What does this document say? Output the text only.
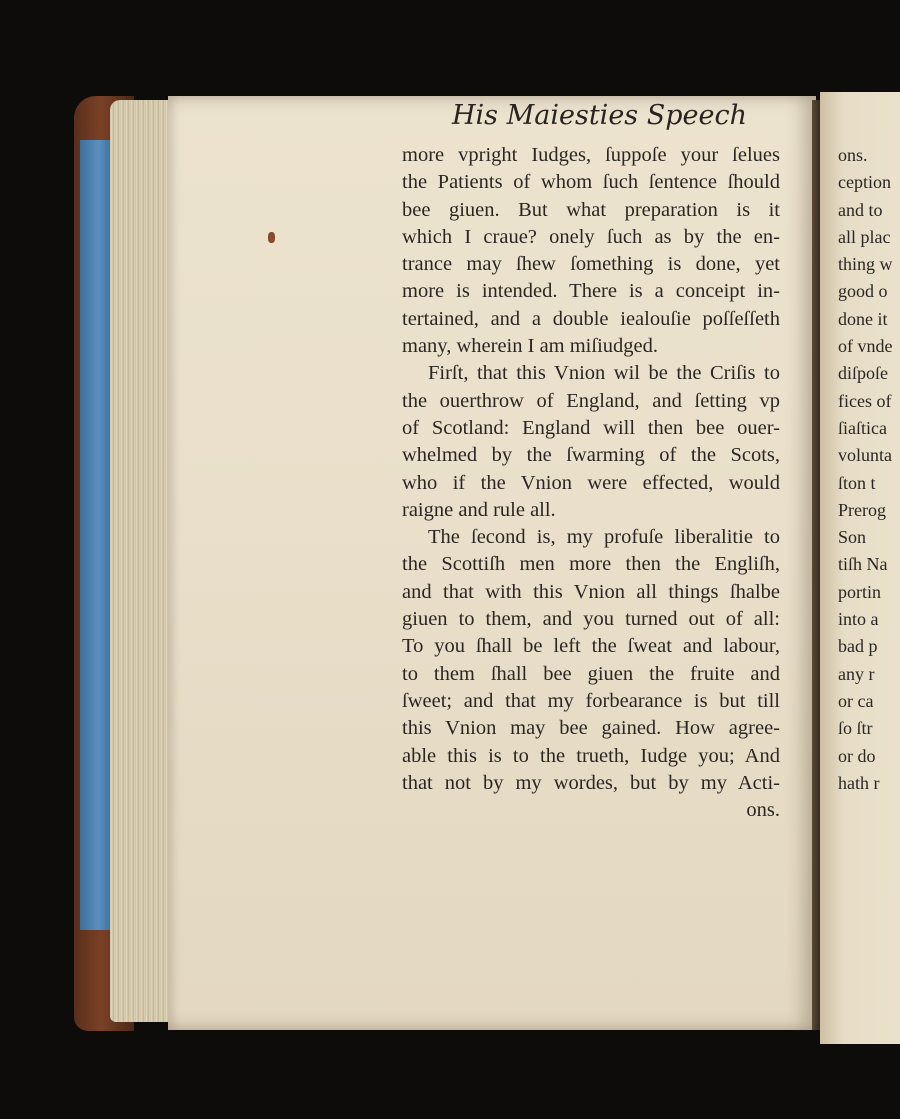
His Maiesties Speech
more vpright Iudges, ſuppoſe your ſelues
the Patients of whom ſuch ſentence ſhould
bee giuen. But what preparation is it
which I craue? onely ſuch as by the en-
trance may ſhew ſomething is done, yet
more is intended. There is a conceipt in-
tertained, and a double iealouſie poſſeſſeth
many, wherein I am miſiudged.
Firſt, that this Vnion wil be the Criſis to
the ouerthrow of England, and ſetting vp
of Scotland: England will then bee ouer-
whelmed by the ſwarming of the Scots,
who if the Vnion were effected, would
raigne and rule all.
The ſecond is, my profuſe liberalitie to
the Scottiſh men more then the Engliſh,
and that with this Vnion all things ſhalbe
giuen to them, and you turned out of all:
To you ſhall be left the ſweat and labour,
to them ſhall bee giuen the fruite and
ſweet; and that my forbearance is but till
this Vnion may bee gained. How agree-
able this is to the trueth, Iudge you; And
that not by my wordes, but by my Acti-
ons.
ons.
ception
and to
all plac
thing w
good o
done it
of vnde
diſpoſe
fices of
ſiaſtica
volunta
ſton t
Prerog
Son
tiſh Na
portin
into a
bad p
any r
or ca
ſo ſtr
or do
hath r
